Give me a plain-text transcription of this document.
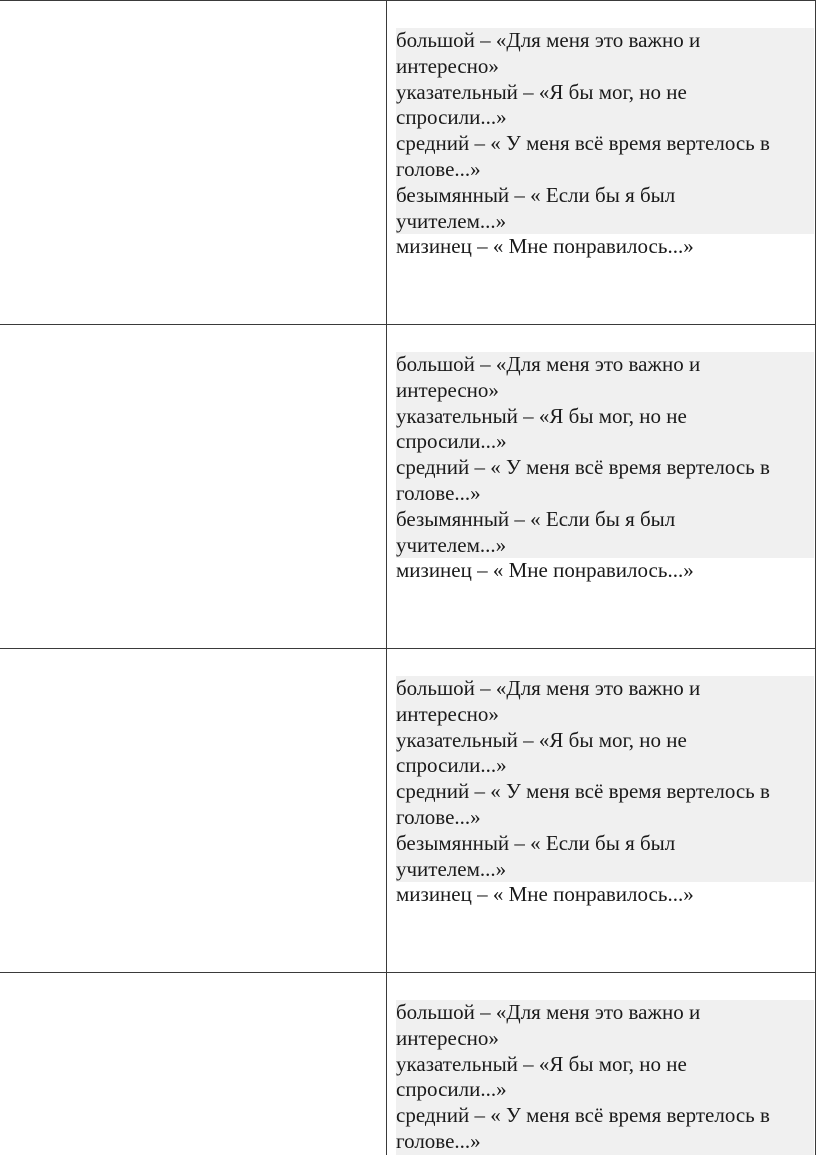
большой – «Для меня это важно и
интересно»
указательный – «Я бы мог, но не
спросили...»
средний – « У меня всё время вертелось в
голове...»
безымянный – « Если бы я был
учителем...»
мизинец – « Мне понравилось...»
большой – «Для меня это важно и
интересно»
указательный – «Я бы мог, но не
спросили...»
средний – « У меня всё время вертелось в
голове...»
безымянный – « Если бы я был
учителем...»
мизинец – « Мне понравилось...»
большой – «Для меня это важно и
интересно»
указательный – «Я бы мог, но не
спросили...»
средний – « У меня всё время вертелось в
голове...»
безымянный – « Если бы я был
учителем...»
мизинец – « Мне понравилось...»
большой – «Для меня это важно и
интересно»
указательный – «Я бы мог, но не
спросили...»
средний – « У меня всё время вертелось в
голове...»
